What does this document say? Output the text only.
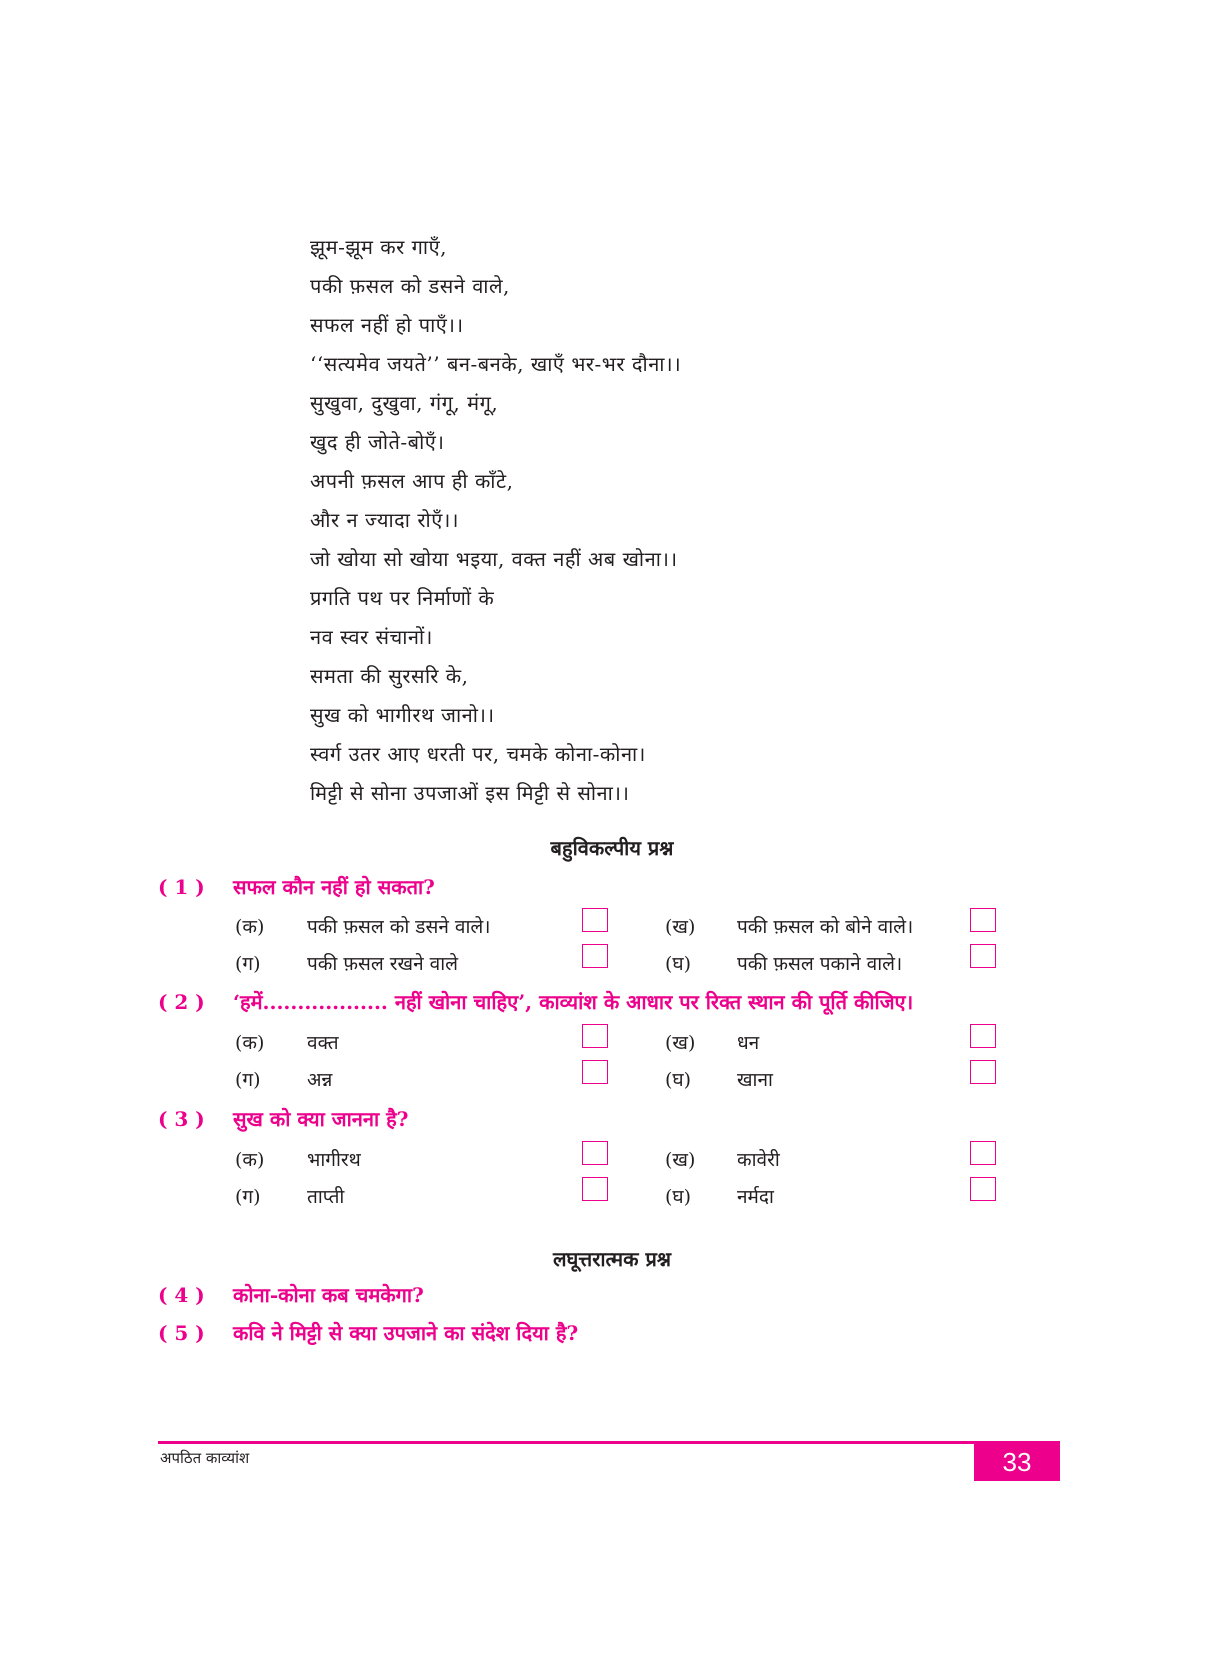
झूम-झूम कर गाएँ,
पकी फ़सल को डसने वाले,
सफल नहीं हो पाएँ।।
‘‘सत्यमेव जयते’’ बन-बनके, खाएँ भर-भर दौना।।
सुखुवा, दुखुवा, गंगू, मंगू,
खुद ही जोते-बोएँ।
अपनी फ़सल आप ही काँटे,
और न ज्यादा रोएँ।।
जो खोया सो खोया भइया, वक्त नहीं अब खोना।।
प्रगति पथ पर निर्माणों के
नव स्वर संचानों।
समता की सुरसरि के,
सुख को भागीरथ जानो।।
स्वर्ग उतर आए धरती पर, चमके कोना-कोना।
मिट्टी से सोना उपजाओं इस मिट्टी से सोना।।
बहुविकल्पीय प्रश्न
( 1 ) सफल कौन नहीं हो सकता?
(क) पकी फ़सल को डसने वाले।	(ख) पकी फ़सल को बोने वाले।
(ग) पकी फ़सल रखने वाले	(घ) पकी फ़सल पकाने वाले।
( 2 ) ‘हमें.................. नहीं खोना चाहिए’, काव्यांश के आधार पर रिक्त स्थान की पूर्ति कीजिए।
(क) वक्त	(ख) धन
(ग) अन्न	(घ) खाना
( 3 ) सुख को क्या जानना है?
(क) भागीरथ	(ख) कावेरी
(ग) ताप्ती	(घ) नर्मदा
लघूत्तरात्मक प्रश्न
( 4 ) कोना-कोना कब चमकेगा?
( 5 ) कवि ने मिट्टी से क्या उपजाने का संदेश दिया है?
अपठित काव्यांश	33
